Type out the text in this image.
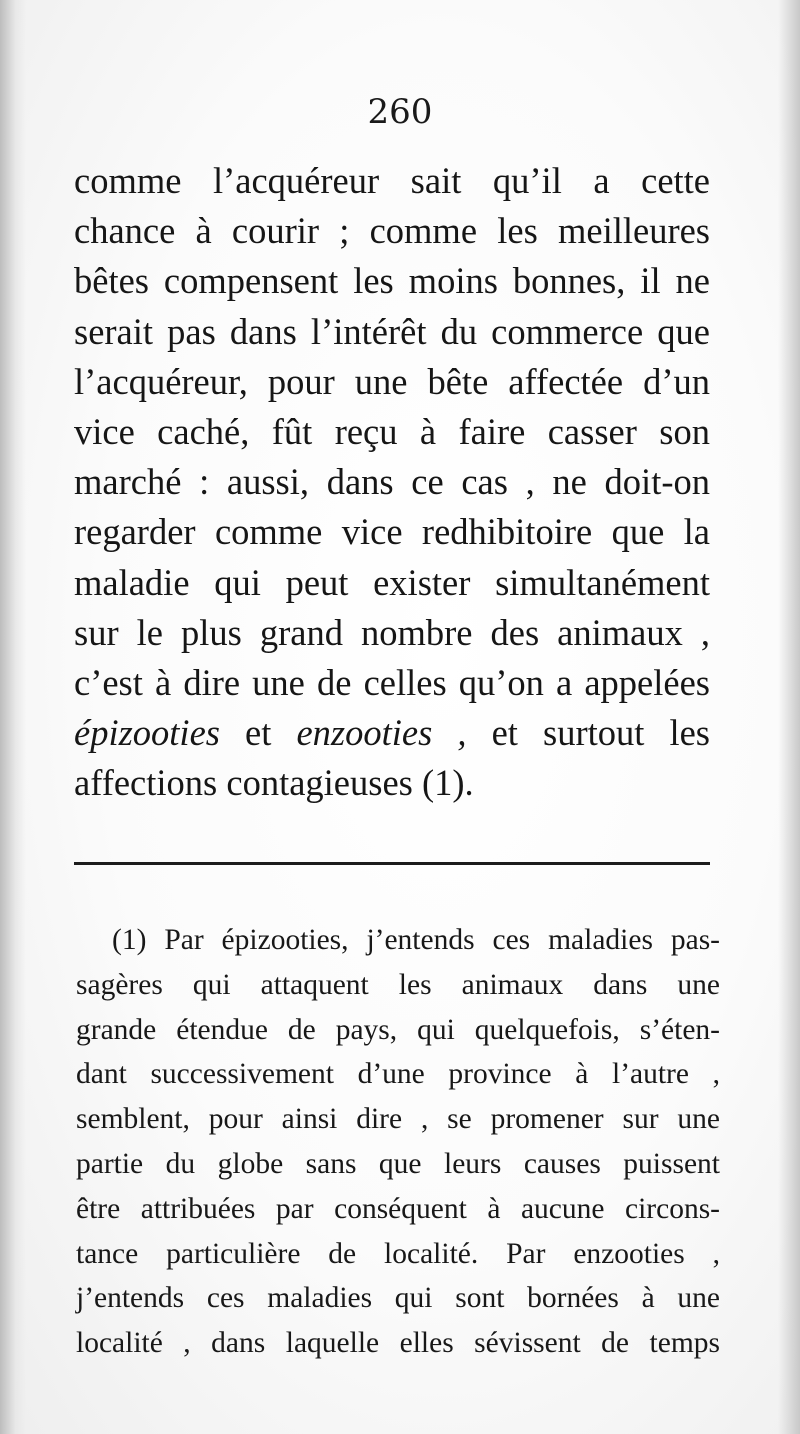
260
comme l’acquéreur sait qu’il a cette
chance à courir ; comme les meilleures
bêtes compensent les moins bonnes, il ne
serait pas dans l’intérêt du commerce que
l’acquéreur, pour une bête affectée d’un
vice caché, fût reçu à faire casser son
marché : aussi, dans ce cas , ne doit-on
regarder comme vice redhibitoire que la
maladie qui peut exister simultanément
sur le plus grand nombre des animaux ,
c’est à dire une de celles qu’on a appelées
épizooties et enzooties , et surtout les
affections contagieuses (1).
(1) Par épizooties, j’entends ces maladies pas-
sagères qui attaquent les animaux dans une
grande étendue de pays, qui quelquefois, s’éten-
dant successivement d’une province à l’autre ,
semblent, pour ainsi dire , se promener sur une
partie du globe sans que leurs causes puissent
être attribuées par conséquent à aucune circons-
tance particulière de localité. Par enzooties ,
j’entends ces maladies qui sont bornées à une
localité , dans laquelle elles sévissent de temps
